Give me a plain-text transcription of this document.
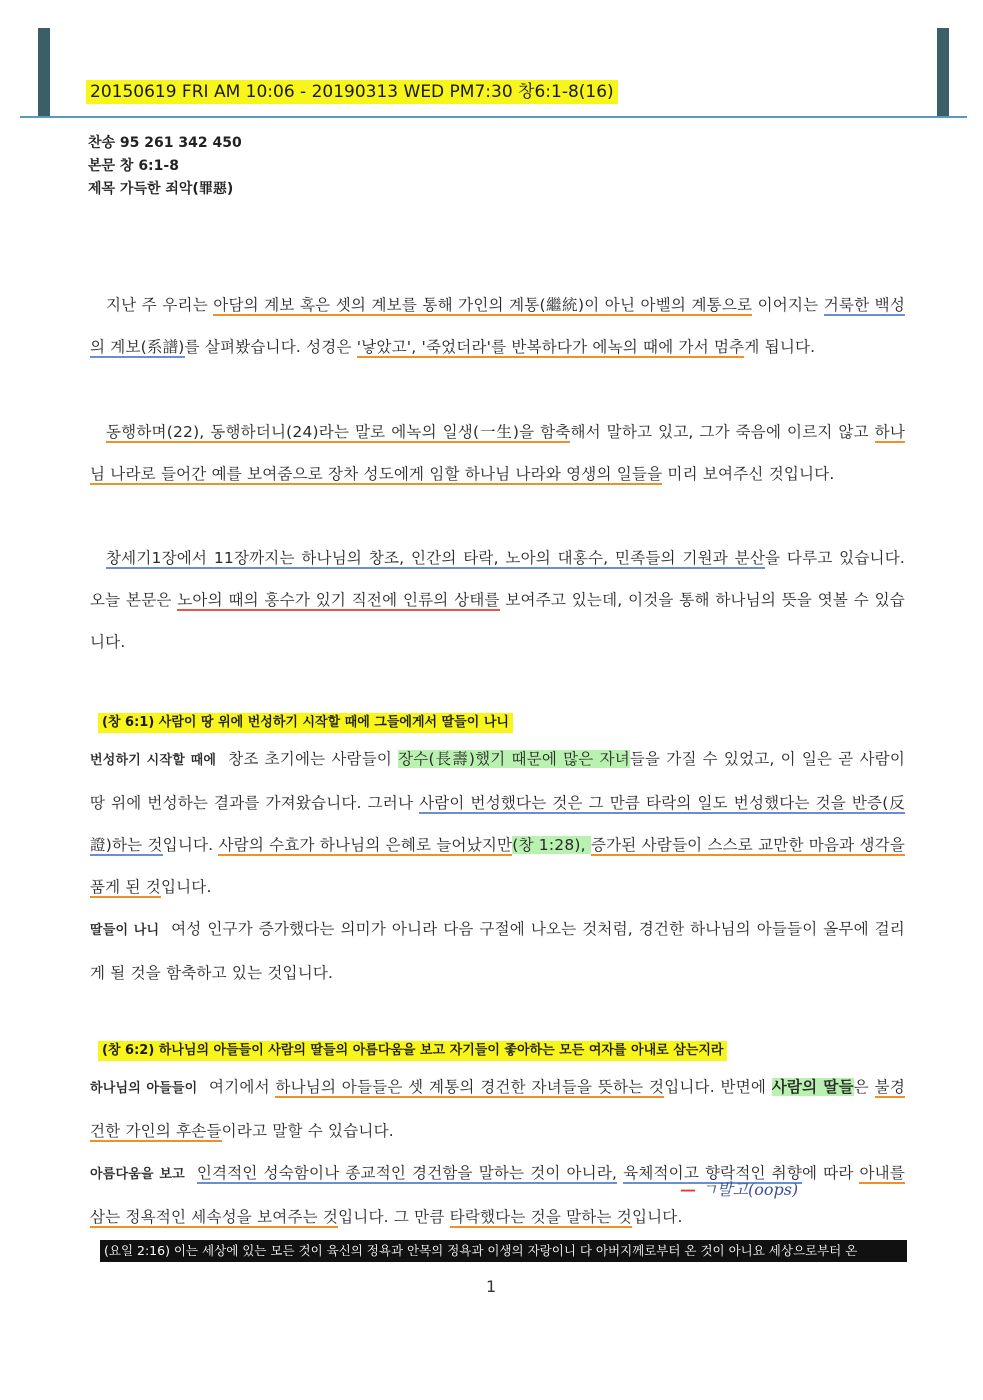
20150619 FRI AM 10:06 - 20190313 WED PM7:30 창6:1-8(16)
찬송 95 261 342 450
본문 창 6:1-8
제목 가득한 죄악(罪惡)

지난 주 우리는 아담의 계보 혹은 셋의 계보를 통해 가인의 계통(繼統)이 아닌 아벨의 계통으로 이어지는 거룩한 백성의 계보(系譜)를 살펴봤습니다. 성경은 '낳았고', '죽었더라'를 반복하다가 에녹의 때에 가서 멈추게 됩니다.

동행하며(22), 동행하더니(24)라는 말로 에녹의 일생(一生)을 함축해서 말하고 있고, 그가 죽음에 이르지 않고 하나님 나라로 들어간 예를 보여줌으로 장차 성도에게 임할 하나님 나라와 영생의 일들을 미리 보여주신 것입니다.

창세기1장에서 11장까지는 하나님의 창조, 인간의 타락, 노아의 대홍수, 민족들의 기원과 분산을 다루고 있습니다. 오늘 본문은 노아의 때의 홍수가 있기 직전에 인류의 상태를 보여주고 있는데, 이것을 통해 하나님의 뜻을 엿볼 수 있습니다.

(창 6:1) 사람이 땅 위에 번성하기 시작할 때에 그들에게서 딸들이 나니

번성하기 시작할 때에 창조 초기에는 사람들이 장수(長壽)했기 때문에 많은 자녀들을 가질 수 있었고, 이 일은 곧 사람이 땅 위에 번성하는 결과를 가져왔습니다. 그러나 사람이 번성했다는 것은 그 만큼 타락의 일도 번성했다는 것을 반증(反證)하는 것입니다. 사람의 수효가 하나님의 은혜로 늘어났지만(창 1:28), 증가된 사람들이 스스로 교만한 마음과 생각을 품게 된 것입니다.

딸들이 나니 여성 인구가 증가했다는 의미가 아니라 다음 구절에 나오는 것처럼, 경건한 하나님의 아들들이 올무에 걸리게 될 것을 함축하고 있는 것입니다.

(창 6:2) 하나님의 아들들이 사람의 딸들의 아름다움을 보고 자기들이 좋아하는 모든 여자를 아내로 삼는지라

하나님의 아들들이 여기에서 하나님의 아들들은 셋 계통의 경건한 자녀들을 뜻하는 것입니다. 반면에 사람의 딸들은 불경건한 가인의 후손들이라고 말할 수 있습니다.

아름다움을 보고 인격적인 성숙함이나 종교적인 경건함을 말하는 것이 아니라, 육체적이고 향락적인 취향에 따라 아내를 삼는 정욕적인 세속성을 보여주는 것입니다. 그 만큼 타락했다는 것을 말하는 것입니다.

— ㄱ발고(oops)
(요일 2:16) 이는 세상에 있는 모든 것이 육신의 정욕과 안목의 정욕과 이생의 자랑이니 다 아버지께로부터 온 것이 아니요 세상으로부터 온
1
